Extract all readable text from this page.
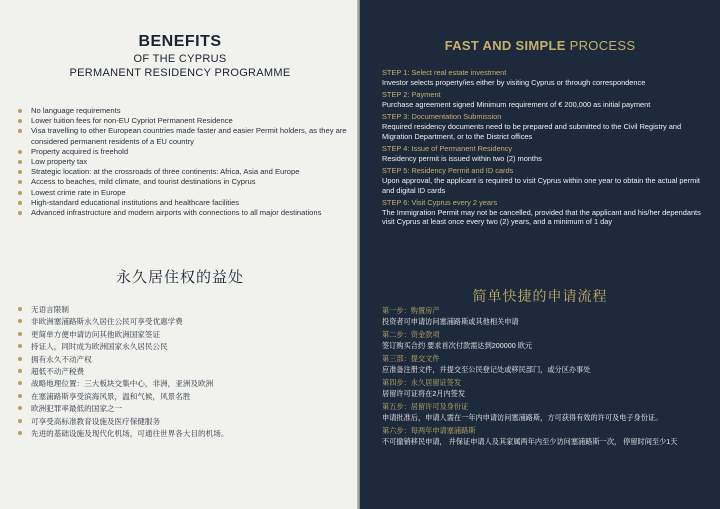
BENEFITS
OF THE CYPRUS
PERMANENT RESIDENCY PROGRAMME
No language requirements
Lower tuition fees for non-EU Cypriot Permanent Residence
Visa travelling to other European countries made faster and easier Permit holders, as they are considered permanent residents of a EU country
Property acquired is freehold
Low property tax
Strategic location: at the crossroads of three continents: Africa, Asia and Europe
Access to beaches, mild climate, and tourist destinations in Cyprus
Lowest crime rate in Europe
High-standard educational institutions and healthcare facilities
Advanced infrastructure and modern airports with connections to all major destinations
永久居住权的益处
无语言限制
非欧洲塞浦路斯永久居住公民可享受优惠学费
更简单方便申请访问其他欧洲国家签证
持证人，同时成为欧洲国家永久居民公民
拥有永久不动产权
超低不动产税费
战略地理位置：三大板块交集中心，非洲，亚洲及欧洲
在塞浦路斯享受滨海风景，温和气候，风景名胜
欧洲犯罪率最低的国家之一
可享受高标准教育设施及医疗保健服务
先进的基础设施及现代化机场，可通往世界各大目的机场。
FAST AND SIMPLE PROCESS
STEP 1: Select real estate investment
Investor selects property/ies either by visiting Cyprus or through correspondence
STEP 2: Payment
Purchase agreement signed Minimum requirement of € 200,000 as initial payment
STEP 3: Documentation Submission
Required residency documents need to be prepared and submitted to the Civil Registry and Migration Department, or to the District offices
STEP 4: Issue of Permanent Residency
Residency permit is issued within two (2) months
STEP 5: Residency Permit and ID cards
Upon approval, the applicant is required to visit Cyprus within one year to obtain the actual permit and digital ID cards
STEP 6: Visit Cyprus every 2 years
The Immigration Permit may not be cancelled, provided that the applicant and his/her dependants visit Cyprus at least once every two (2) years, and a minimum of 1 day
简单快捷的申请流程
第一步：购置房产
投资者可申请访问塞浦路斯或其他相关申请
第二步：资金款项
签订购买合约 要求首次付款需达到200000 欧元
第三部：提交文件
应准备注册文件，并提交至公民登记处或移民部门，或分区办事处
第四步：永久居留证签发
居留许可证将在2月内签发
第五步：居留许可及身份证
申请批准后，申请人需在一年内申请访问塞浦路斯，方可获得有效的许可及电子身份证。
第六步：每两年申请塞浦路斯
不可撤销移民申请， 并保证申请人及其家属两年内至少访问塞浦路斯一次， 停留时间至少1天
